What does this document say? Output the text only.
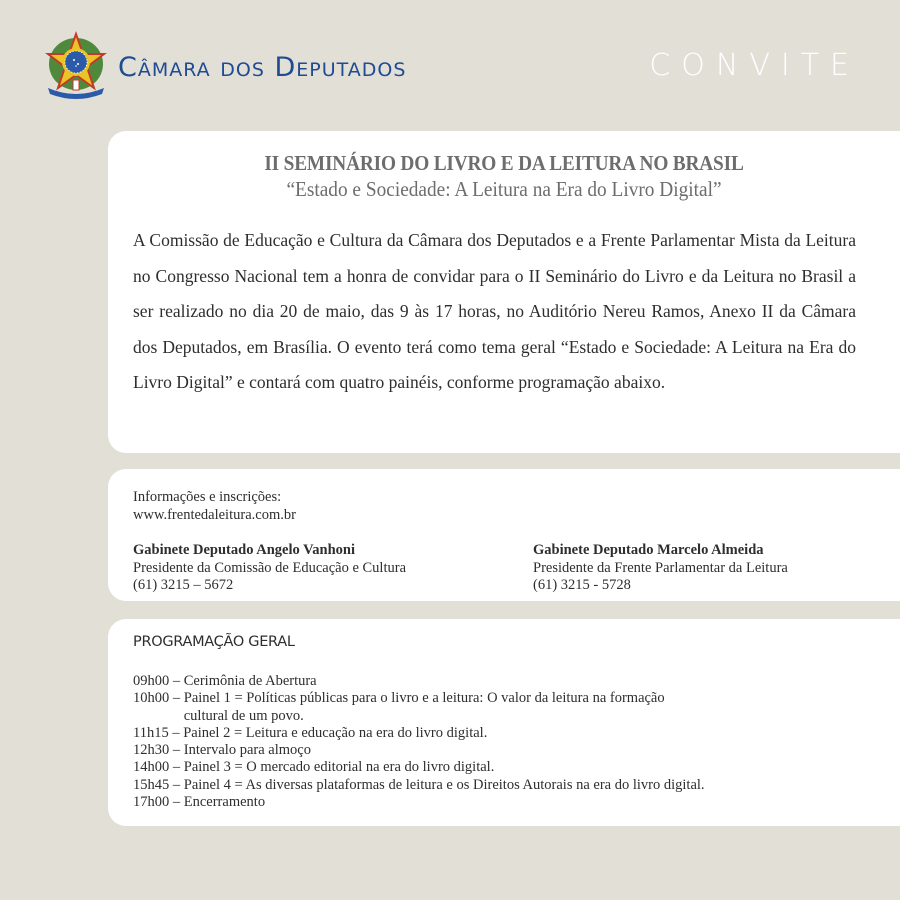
Câmara dos Deputados	CONVITE
II SEMINÁRIO DO LIVRO E DA LEITURA NO BRASIL
“Estado e Sociedade: A Leitura na Era do Livro Digital”
A Comissão de Educação e Cultura da Câmara dos Deputados e a Frente Parlamentar Mista da Leitura no Congresso Nacional tem a honra de convidar para o II Seminário do Livro e da Leitura no Brasil a ser realizado no dia 20 de maio, das 9 às 17 horas, no Auditório Nereu Ramos, Anexo II da Câmara dos Deputados, em Brasília. O evento terá como tema geral “Estado e Sociedade: A Leitura na Era do Livro Digital” e contará com quatro painéis, conforme programação abaixo.
Informações e inscrições:
www.frentedaleitura.com.br
Gabinete Deputado Angelo Vanhoni
Presidente da Comissão de Educação e Cultura
(61) 3215 – 5672
Gabinete Deputado Marcelo Almeida
Presidente da Frente Parlamentar da Leitura
(61) 3215 - 5728
PROGRAMAÇÃO GERAL
09h00 – Cerimônia de Abertura
10h00 – Painel 1 = Políticas públicas para o livro e a leitura: O valor da leitura na formação
cultural de um povo.
11h15 – Painel 2 = Leitura e educação na era do livro digital.
12h30 – Intervalo para almoço
14h00 – Painel 3 = O mercado editorial na era do livro digital.
15h45 – Painel 4 = As diversas plataformas de leitura e os Direitos Autorais na era do livro digital.
17h00 – Encerramento
